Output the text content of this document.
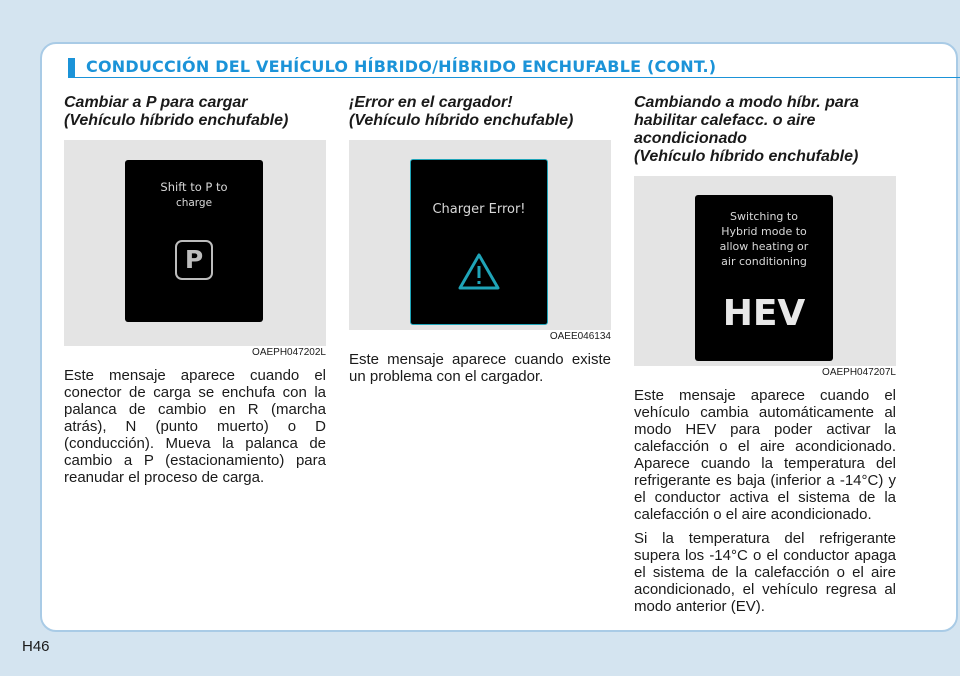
CONDUCCIÓN DEL VEHÍCULO HÍBRIDO/HÍBRIDO ENCHUFABLE (CONT.)
Cambiar a P para cargar
(Vehículo híbrido enchufable)
Shift to P to
charge
P
OAEPH047202L

Este mensaje aparece cuando el conector de carga se enchufa con la palanca de cambio en R (marcha atrás), N (punto muerto) o D (conducción). Mueva la palanca de cambio a P (estacionamiento) para reanudar el proceso de carga.

¡Error en el cargador!
(Vehículo híbrido enchufable)
Charger Error!
OAEE046134

Este mensaje aparece cuando existe un problema con el cargador.

Cambiando a modo híbr. para
habilitar calefacc. o aire
acondicionado
(Vehículo híbrido enchufable)
Switching to
Hybrid mode to
allow heating or
air conditioning
HEV
OAEPH047207L

Este mensaje aparece cuando el vehículo cambia automáticamente al modo HEV para poder activar la calefacción o el aire acondicionado. Aparece cuando la temperatura del refrigerante es baja (inferior a -14°C) y el conductor activa el sistema de la calefacción o el aire acondicionado.

Si la temperatura del refrigerante supera los -14°C o el conductor apaga el sistema de la calefacción o el aire acondicionado, el vehículo regresa al modo anterior (EV).

H46
